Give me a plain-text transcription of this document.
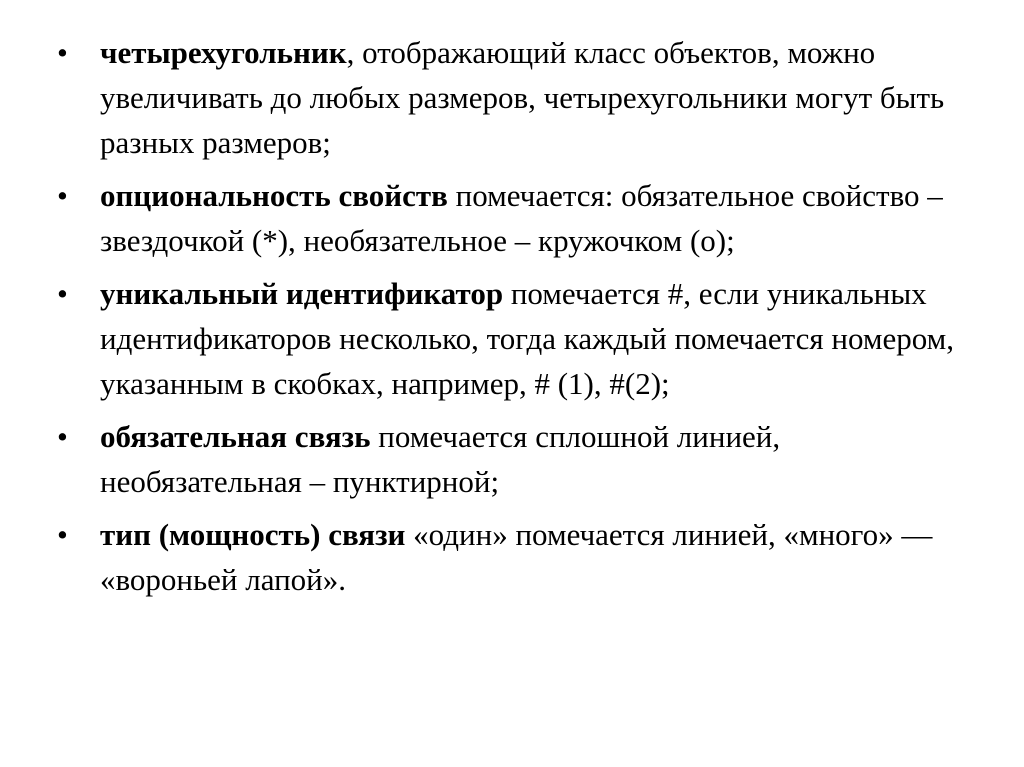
• четырехугольник, отображающий класс объектов, можно увеличивать до любых размеров, четырехугольники могут быть разных размеров;
• опциональность свойств помечается: обязательное свойство – звездочкой (*), необязательное – кружочком (о);
• уникальный идентификатор помечается #, если уникальных идентификаторов несколько, тогда каждый помечается номером, указанным в скобках, например, # (1), #(2);
• обязательная связь помечается сплошной линией, необязательная – пунктирной;
• тип (мощность) связи «один» помечается линией, «много» — «вороньей лапой».
